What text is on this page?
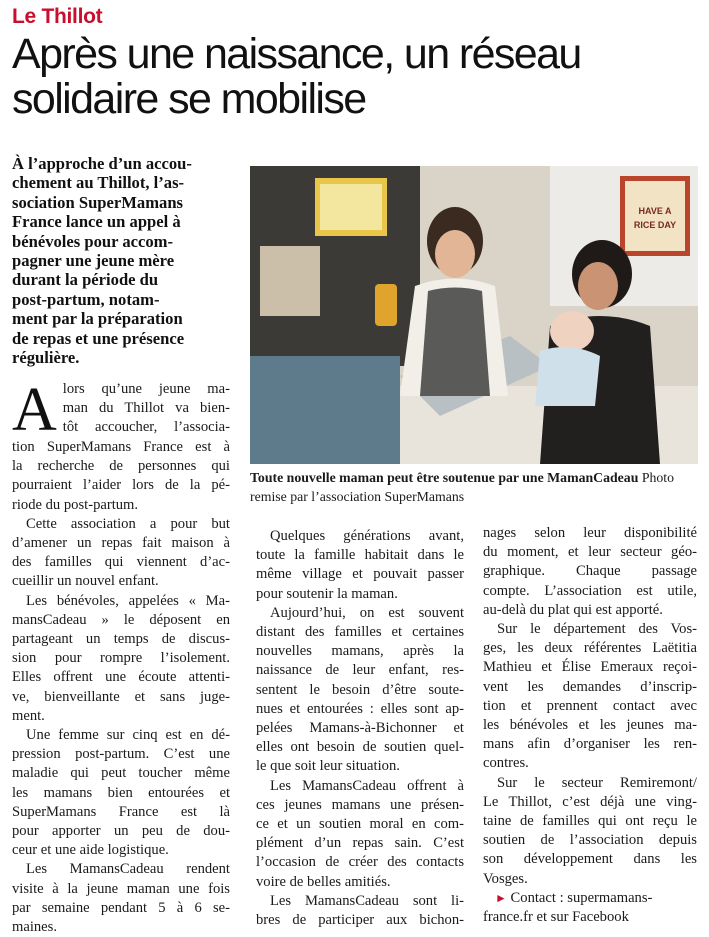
Le Thillot
Après une naissance, un réseau
solidaire se mobilise
À l’approche d’un accou-
chement au Thillot, l’as-
sociation SuperMamans
France lance un appel à
bénévoles pour accom-
pagner une jeune mère
durant la période du
post-partum, notam-
ment par la préparation
de repas et une présence
régulière.
HAVE A
RICE DAY
Toute nouvelle maman peut être soutenue par une MamanCadeau Photo remise par l’association SuperMamans
A lors qu’une jeune ma-
man du Thillot va bien-
tôt accoucher, l’associa-
tion SuperMamans France est à
la recherche de personnes qui
pourraient l’aider lors de la pé-
riode du post-partum.
Cette association a pour but
d’amener un repas fait maison à
des familles qui viennent d’ac-
cueillir un nouvel enfant.
Les bénévoles, appelées « Ma-
mansCadeau » le déposent en
partageant un temps de discus-
sion pour rompre l’isolement.
Elles offrent une écoute attenti-
ve, bienveillante et sans juge-
ment.
Une femme sur cinq est en dé-
pression post-partum. C’est une
maladie qui peut toucher même
les mamans bien entourées et
SuperMamans France est là
pour apporter un peu de dou-
ceur et une aide logistique.
Les MamansCadeau rendent
visite à la jeune maman une fois
par semaine pendant 5 à 6 se-
maines.
Quelques générations avant,
toute la famille habitait dans le
même village et pouvait passer
pour soutenir la maman.
Aujourd’hui, on est souvent
distant des familles et certaines
nouvelles mamans, après la
naissance de leur enfant, res-
sentent le besoin d’être soute-
nues et entourées : elles sont ap-
pelées Mamans-à-Bichonner et
elles ont besoin de soutien quel-
le que soit leur situation.
Les MamansCadeau offrent à
ces jeunes mamans une présen-
ce et un soutien moral en com-
plément d’un repas sain. C’est
l’occasion de créer des contacts
voire de belles amitiés.
Les MamansCadeau sont li-
bres de participer aux bichon-
nages selon leur disponibilité
du moment, et leur secteur géo-
graphique. Chaque passage
compte. L’association est utile,
au-delà du plat qui est apporté.
Sur le département des Vos-
ges, les deux référentes Laëtitia
Mathieu et Élise Emeraux reçoi-
vent les demandes d’inscrip-
tion et prennent contact avec
les bénévoles et les jeunes ma-
mans afin d’organiser les ren-
contres.
Sur le secteur Remiremont/
Le Thillot, c’est déjà une ving-
taine de familles qui ont reçu le
soutien de l’association depuis
son développement dans les
Vosges.
► Contact : supermamans-
france.fr et sur Facebook
